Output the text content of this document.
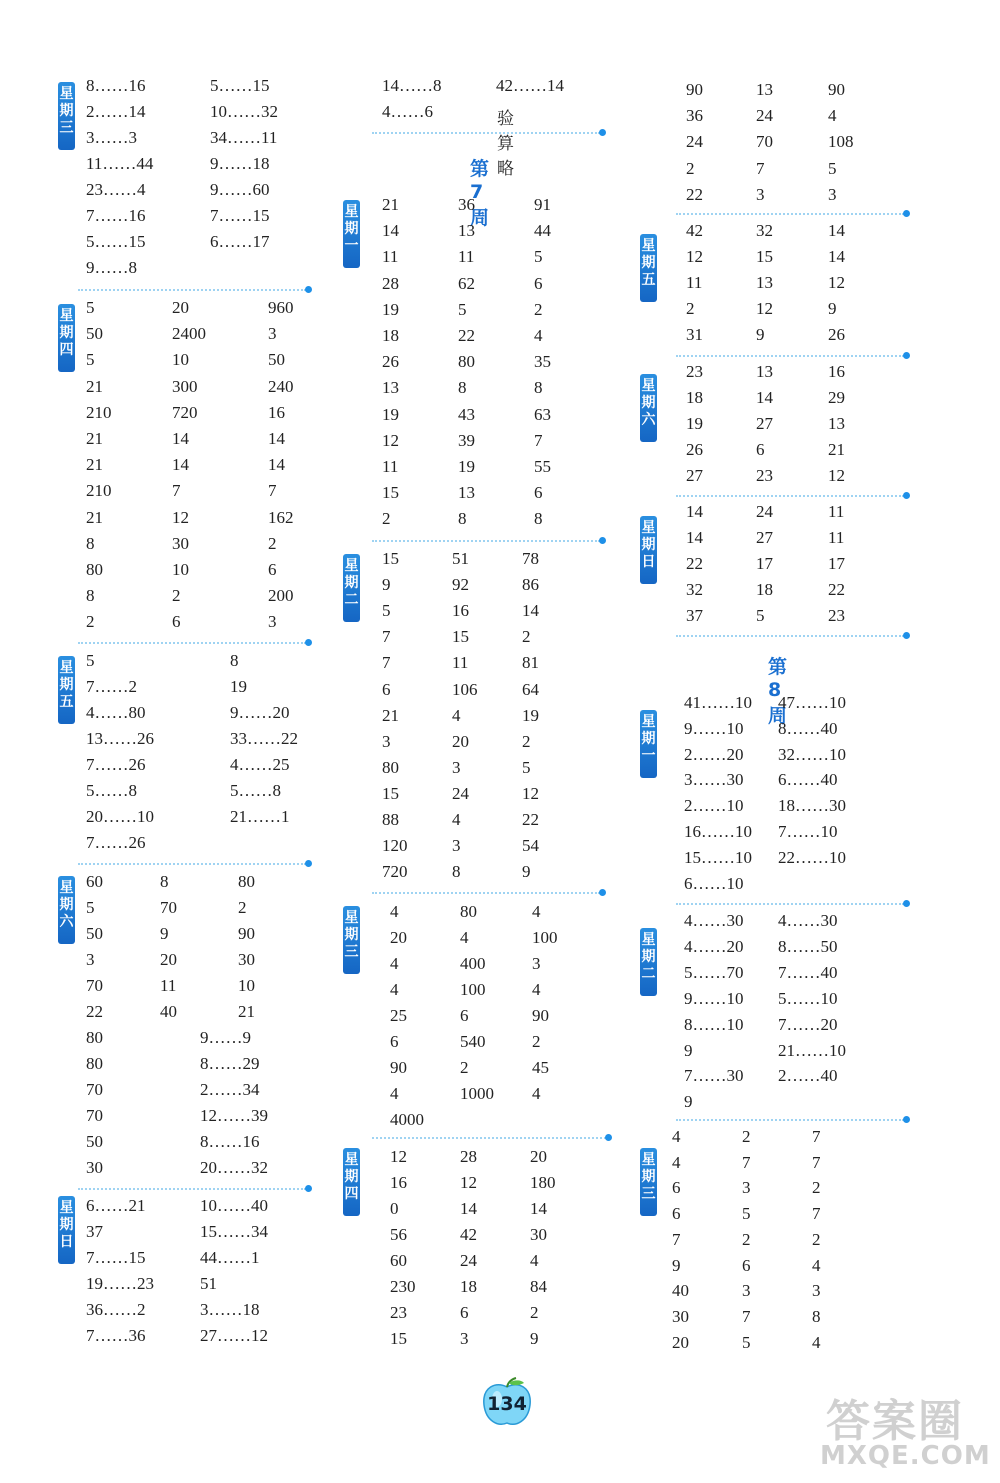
星
期
三
星
期
四
星
期
五
星
期
六
星
期
日
验算略
第 7 周
星
期
一
星
期
二
星
期
三
星
期
四
星
期
五
星
期
六
星
期
日
第 8 周
星
期
一
星
期
二
星
期
三
134	答案圈
MXQE.COM
8……16	5……15
2……14	10……32
3……3	34……11
11……44	9……18
23……4	9……60
7……16	7……15
5……15	6……17
9……8
5	20	960
50	2400	3
5	10	50
21	300	240
210	720	16
21	14	14
21	14	14
210	7	7
21	12	162
8	30	2
80	10	6
8	2	200
2	6	3
5	8
7……2	19
4……80	9……20
13……26	33……22
7……26	4……25
5……8	5……8
20……10	21……1
7……26
60	8	80
5	70	2
50	9	90
3	20	30
70	11	10
22	40	21
80	9……9
80	8……29
70	2……34
70	12……39
50	8……16
30	20……32
6……21	10……40
37	15……34
7……15	44……1
19……23	51
36……2	3……18
7……36	27……12
14……8	42……14
4……6
21	36	91
14	13	44
11	11	5
28	62	6
19	5	2
18	22	4
26	80	35
13	8	8
19	43	63
12	39	7
11	19	55
15	13	6
2	8	8
15	51	78
9	92	86
5	16	14
7	15	2
7	11	81
6	106	64
21	4	19
3	20	2
80	3	5
15	24	12
88	4	22
120	3	54
720	8	9
4	80	4
20	4	100
4	400	3
4	100	4
25	6	90
6	540	2
90	2	45
4	1000 4
4000
12	28	20
16	12	180
0	14	14
56	42	30
60	24	4
230	18	84
23	6	2
15	3	9
90	13	90
36	24	4
24	70	108
2	7	5
22	3	3
42	32	14
12	15	14
11	13	12
2	12	9
31	9	26
23	13	16
18	14	29
19	27	13
26	6	21
27	23	12
14	24	11
14	27	11
22	17	17
32	18	22
37	5	23
41……10 47……10
9……10 8……40
2……20 32……10
3……30 6……40
2……10 18……30
16……10 7……10
15……10 22……10
6……10
4……30 4……30
4……20 8……50
5……70 7……40
9……10 5……10
8……10 7……20
9	21……10
7……30 2……40
9
4	2	7
4	7	7
6	3	2
6	5	7
7	2	2
9	6	4
40	3	3
30	7	8
20	5	4
